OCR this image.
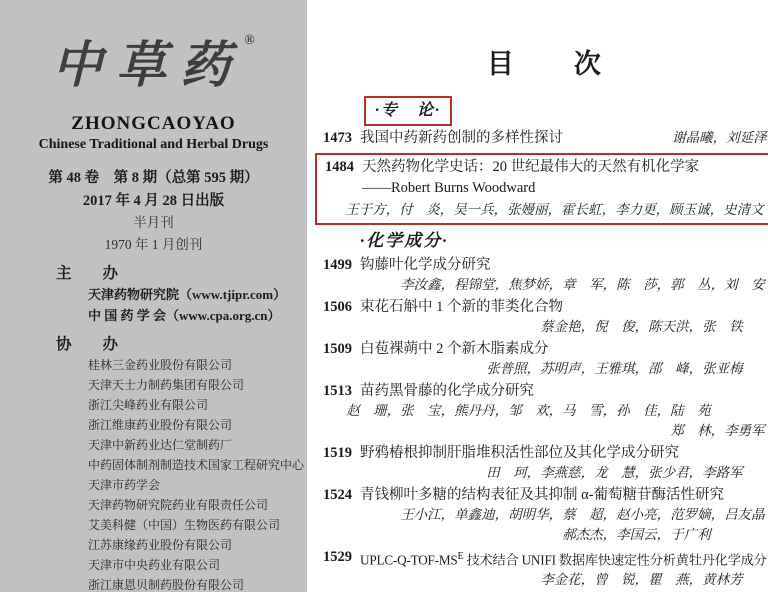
中草药®
ZHONGCAOYAO
Chinese Traditional and Herbal Drugs
第 48 卷　第 8 期（总第 595 期）
2017 年 4 月 28 日出版
半月刊
1970 年 1 月创刊
主　　办
天津药物研究院（www.tjipr.com）
中 国 药 学 会（www.cpa.org.cn）
协　　办
桂林三金药业股份有限公司
天津天士力制药集团有限公司
浙江尖峰药业有限公司
浙江维康药业股份有限公司
天津中新药业达仁堂制药厂
中药固体制剂制造技术国家工程研究中心
天津市药学会
天津药物研究院药业有限责任公司
艾美科健（中国）生物医药有限公司
江苏康缘药业股份有限公司
天津市中央药业有限公司
浙江康恩贝制药股份有限公司
目　　次
·专　论·
1473 我国中药新药创制的多样性探讨	谢晶曦，刘延泽
1484 天然药物化学史话：20 世纪最伟大的天然有机化学家
——Robert Burns Woodward
王于方，付　炎，吴一兵，张嫚丽，霍长虹，李力更，顾玉诚，史清文
·化学成分·
1499 钩藤叶化学成分研究
李汝鑫，程锦堂，焦梦娇，章　军，陈　莎，郭　丛，刘　安
1506 束花石斛中 1 个新的菲类化合物
蔡金艳，倪　俊，陈天洪，张　铁
1509 白苞裸蒴中 2 个新木脂素成分
张普照，苏明声，王雅琪，邵　峰，张亚梅
1513 苗药黑骨藤的化学成分研究
赵　珊，张　宝，熊丹丹，邹　欢，马　雪，孙　佳，陆　苑
郑　林，李勇军
1519 野鸦椿根抑制肝脂堆积活性部位及其化学成分研究
田　珂，李燕慈，龙　慧，张少君，李路军
1524 青钱柳叶多糖的结构表征及其抑制 α-葡萄糖苷酶活性研究
王小江，单鑫迪，胡明华，蔡　超，赵小亮，范罗嫡，吕友晶
郝杰杰，李国云，于广利
1529 UPLC-$Q-TOF-MS^E$ 技术结合 UNIFI 数据库快速定性分析黄牡丹化学成分
李金花，曾　锐，瞿　燕，黄林芳
